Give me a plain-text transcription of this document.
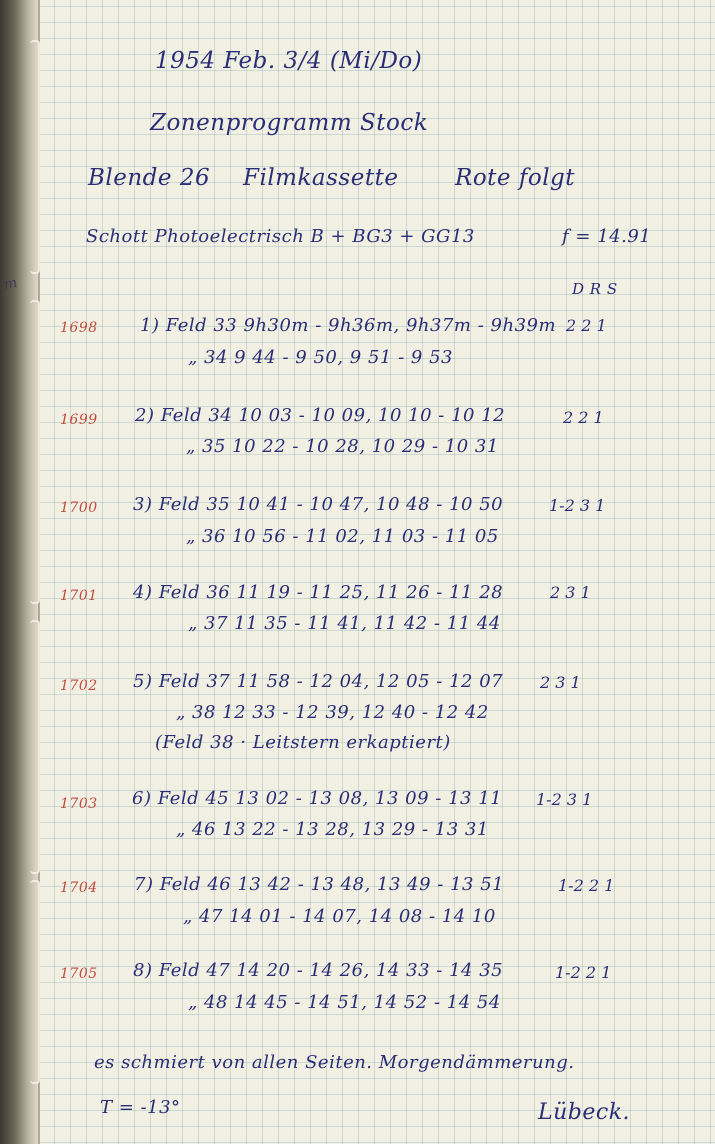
m
1954 Feb. 3/4 (Mi/Do)
Zonenprogramm Stock
Blende 26 Filmkassette Rote folgt
Schott Photoelectrisch B + BG3 + GG13	f = 14.91
D R S
1698 1) Feld 33 9h30m - 9h36m, 9h37m - 9h39m
„ 34 9 44 - 9 50, 9 51 - 9 53
2 2 1
1699 2) Feld 34 10 03 - 10 09, 10 10 - 10 12
„ 35 10 22 - 10 28, 10 29 - 10 31
2 2 1
1700 3) Feld 35 10 41 - 10 47, 10 48 - 10 50
„ 36 10 56 - 11 02, 11 03 - 11 05
1-2 3 1
1701 4) Feld 36 11 19 - 11 25, 11 26 - 11 28
„ 37 11 35 - 11 41, 11 42 - 11 44
2 3 1
1702 5) Feld 37 11 58 - 12 04, 12 05 - 12 07
„ 38 12 33 - 12 39, 12 40 - 12 42
(Feld 38 · Leitstern erkaptiert)
2 3 1
1703 6) Feld 45 13 02 - 13 08, 13 09 - 13 11
„ 46 13 22 - 13 28, 13 29 - 13 31
1-2 3 1
1704 7) Feld 46 13 42 - 13 48, 13 49 - 13 51
„ 47 14 01 - 14 07, 14 08 - 14 10
1-2 2 1
1705 8) Feld 47 14 20 - 14 26, 14 33 - 14 35
„ 48 14 45 - 14 51, 14 52 - 14 54
1-2 2 1
es schmiert von allen Seiten. Morgendämmerung.
T = -13°	Lübeck.
